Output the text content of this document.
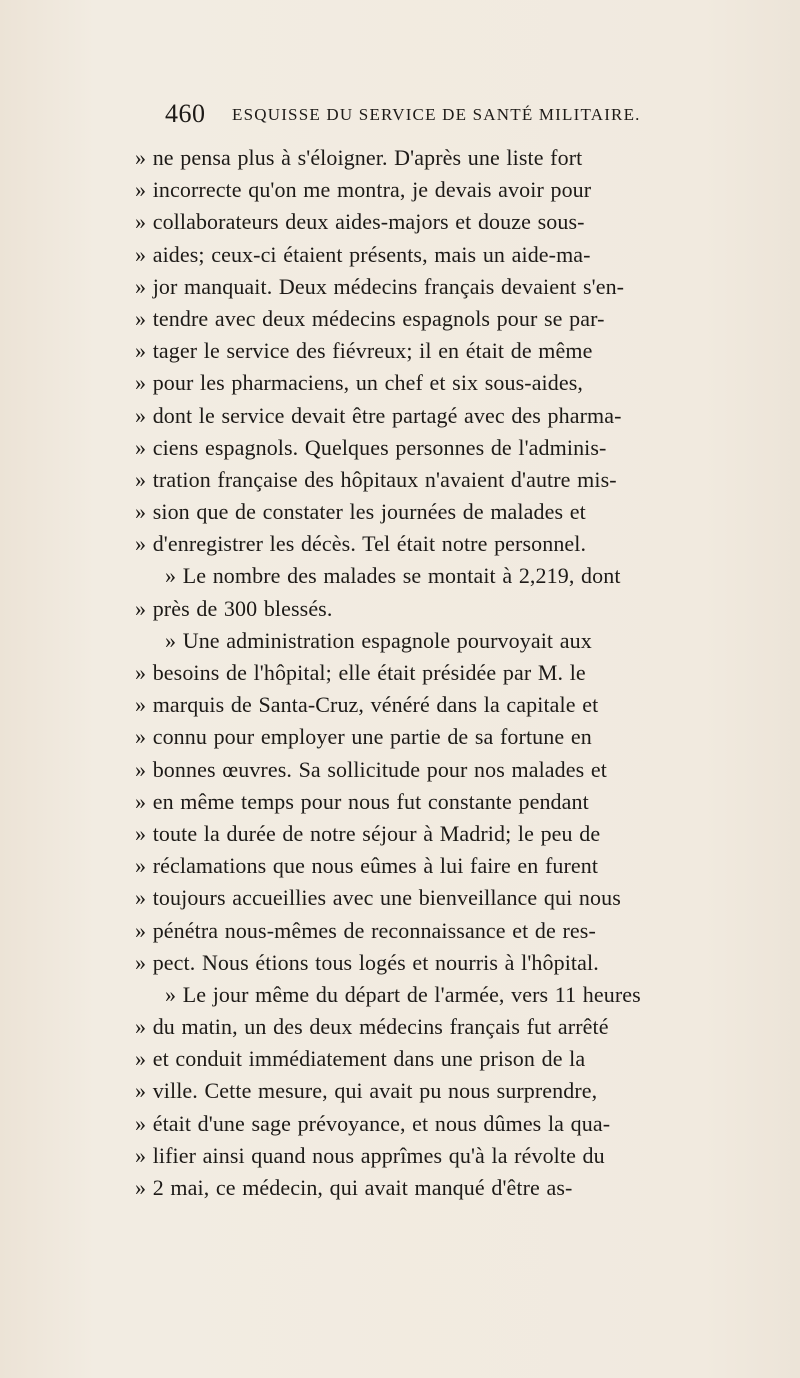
460 ESQUISSE DU SERVICE DE SANTÉ MILITAIRE.
» ne pensa plus à s'éloigner. D'après une liste fort
» incorrecte qu'on me montra, je devais avoir pour
» collaborateurs deux aides-majors et douze sous-
» aides; ceux-ci étaient présents, mais un aide-ma-
» jor manquait. Deux médecins français devaient s'en-
» tendre avec deux médecins espagnols pour se par-
» tager le service des fiévreux; il en était de même
» pour les pharmaciens, un chef et six sous-aides,
» dont le service devait être partagé avec des pharma-
» ciens espagnols. Quelques personnes de l'adminis-
» tration française des hôpitaux n'avaient d'autre mis-
» sion que de constater les journées de malades et
» d'enregistrer les décès. Tel était notre personnel.
» Le nombre des malades se montait à 2,219, dont
» près de 300 blessés.
» Une administration espagnole pourvoyait aux
» besoins de l'hôpital; elle était présidée par M. le
» marquis de Santa-Cruz, vénéré dans la capitale et
» connu pour employer une partie de sa fortune en
» bonnes œuvres. Sa sollicitude pour nos malades et
» en même temps pour nous fut constante pendant
» toute la durée de notre séjour à Madrid; le peu de
» réclamations que nous eûmes à lui faire en furent
» toujours accueillies avec une bienveillance qui nous
» pénétra nous-mêmes de reconnaissance et de res-
» pect. Nous étions tous logés et nourris à l'hôpital.
» Le jour même du départ de l'armée, vers 11 heures
» du matin, un des deux médecins français fut arrêté
» et conduit immédiatement dans une prison de la
» ville. Cette mesure, qui avait pu nous surprendre,
» était d'une sage prévoyance, et nous dûmes la qua-
» lifier ainsi quand nous apprîmes qu'à la révolte du
» 2 mai, ce médecin, qui avait manqué d'être as-
